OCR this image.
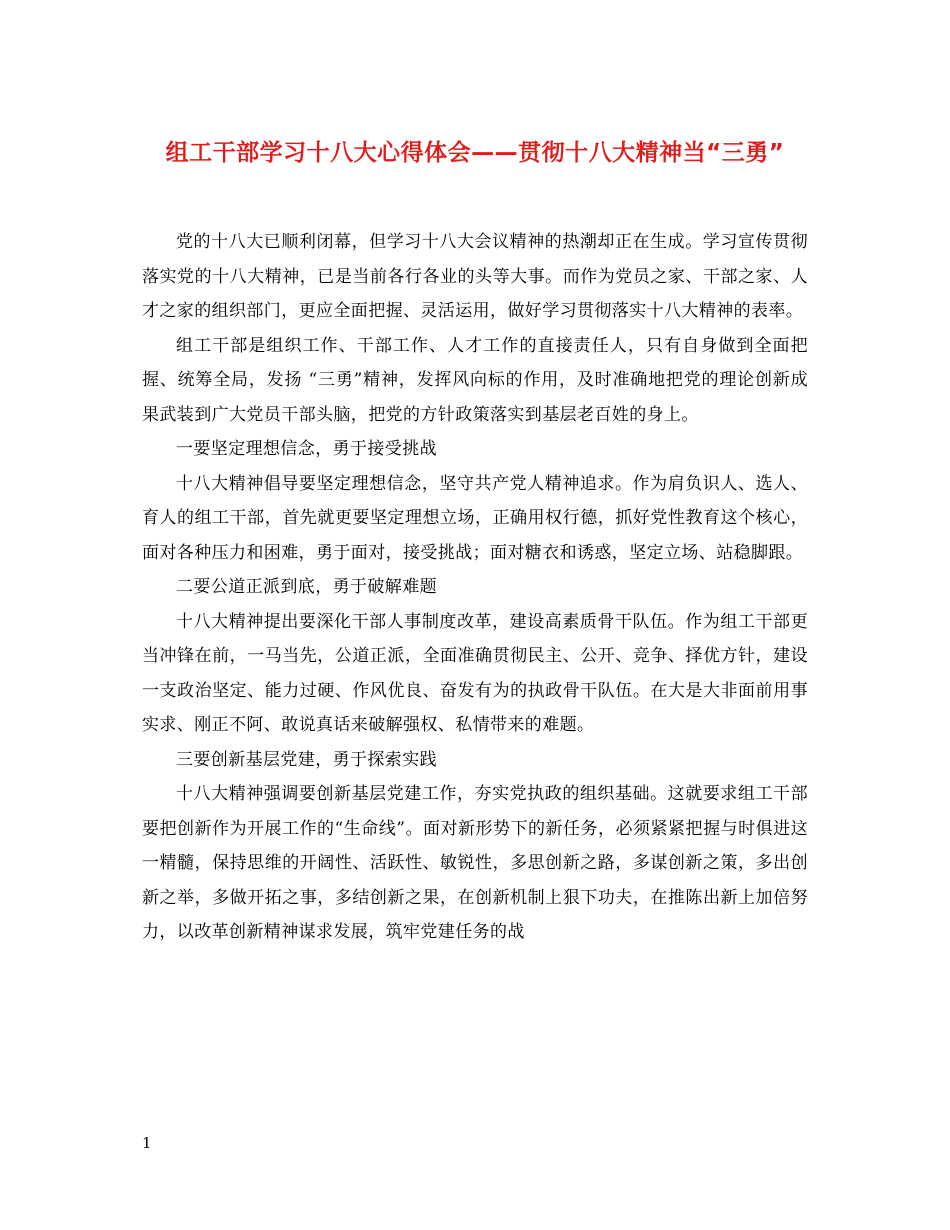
组工干部学习十八大心得体会——贯彻十八大精神当“三勇”

党的十八大已顺利闭幕，但学习十八大会议精神的热潮却正在生成。学习宣传贯彻落实党的十八大精神，已是当前各行各业的头等大事。而作为党员之家、干部之家、人才之家的组织部门，更应全面把握、灵活运用，做好学习贯彻落实十八大精神的表率。

组工干部是组织工作、干部工作、人才工作的直接责任人，只有自身做到全面把握、统筹全局，发扬 “三勇”精神，发挥风向标的作用，及时准确地把党的理论创新成果武装到广大党员干部头脑，把党的方针政策落实到基层老百姓的身上。

一要坚定理想信念，勇于接受挑战

十八大精神倡导要坚定理想信念，坚守共产党人精神追求。作为肩负识人、选人、育人的组工干部，首先就更要坚定理想立场，正确用权行德，抓好党性教育这个核心，面对各种压力和困难，勇于面对，接受挑战；面对糖衣和诱惑，坚定立场、站稳脚跟。

二要公道正派到底，勇于破解难题

十八大精神提出要深化干部人事制度改革，建设高素质骨干队伍。作为组工干部更当冲锋在前，一马当先，公道正派，全面准确贯彻民主、公开、竞争、择优方针，建设一支政治坚定、能力过硬、作风优良、奋发有为的执政骨干队伍。在大是大非面前用事实求、刚正不阿、敢说真话来破解强权、私情带来的难题。

三要创新基层党建，勇于探索实践

十八大精神强调要创新基层党建工作，夯实党执政的组织基础。这就要求组工干部要把创新作为开展工作的“生命线”。面对新形势下的新任务，必须紧紧把握与时俱进这一精髓，保持思维的开阔性、活跃性、敏锐性，多思创新之路，多谋创新之策，多出创新之举，多做开拓之事，多结创新之果，在创新机制上狠下功夫，在推陈出新上加倍努力，以改革创新精神谋求发展，筑牢党建任务的战

1
